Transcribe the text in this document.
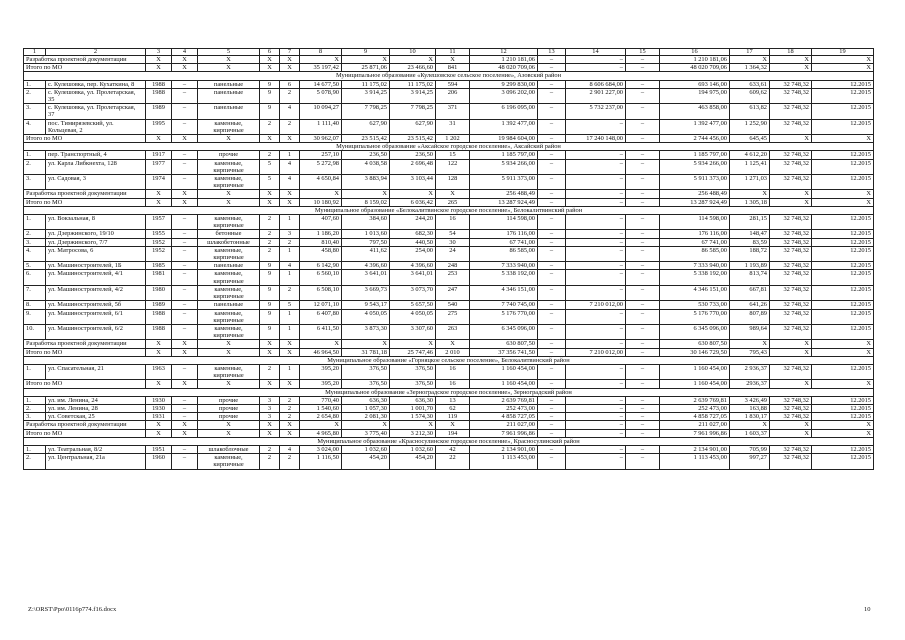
1	2	3	4	5	6	7	8	9	10	11	12	13	14	15	16	17	18	19
Разработка проектной документации		X	X	X	X	X	X	X	X	X	1 210 181,06	–	–	–	1 210 181,06	X	X	X
Итого по МО		X	X	X	X	X	35 197,42	25 871,06	23 466,60	841	48 020 709,06	–	–	–	48 020 709,06	1 364,32	X	X
Муниципальное образование «Кулешовское сельское поселение», Азовский район																		
1.	с. Кулешовка, пер. Кухаткина, 8	1988	–	панельные	9	6	14 677,50	11 175,02	11 175,02	594	9 299 830,00	–	8 606 684,00	–	693 146,00	633,61	32 748,32	12.2015
2.	с. Кулешовка, ул. Пролетарская, 35	1988	–	панельные	9	2	5 078,90	3 914,25	3 914,25	206	3 096 202,00	–	2 901 227,00	–	194 975,00	609,62	32 748,32	12.2015
3.	с. Кулешовка, ул. Пролетарская, 37	1989	–	панельные	9	4	10 094,27	7 798,25	7 798,25	371	6 196 095,00	–	5 732 237,00	–	463 858,00	613,82	32 748,32	12.2015
4.	пос. Тимирязевский, ул. Кольцевая, 2	1995	–	каменные, кирпичные	2	2	1 111,40	627,90	627,90	31	1 392 477,00	–	–	–	1 392 477,00	1 252,90	32 748,32	12.2015
Итого по МО		X	X	X	X	X	30 962,07	23 515,42	23 515,42	1 202	19 984 604,00	–	17 240 148,00	–	2 744 456,00	645,45	X	X
Муниципальное образование «Аксайское городское поселение», Аксайский район																		
1.	пер. Транспортный, 4	1917	–	прочие	2	1	257,10	236,50	236,50	15	1 185 797,00	–	–	–	1 185 797,00	4 612,20	32 748,32	12.2015
2.	ул. Карла Либкнехта, 128	1977	–	каменные, кирпичные	5	4	5 272,98	4 038,58	2 696,48	122	5 934 266,00	–	–	–	5 934 266,00	1 125,41	32 748,32	12.2015
3.	ул. Садовая, 3	1974	–	каменные, кирпичные	5	4	4 650,84	3 883,94	3 103,44	128	5 911 373,00	–	–	–	5 911 373,00	1 271,03	32 748,32	12.2015
Разработка проектной документации		X	X	X	X	X	X	X	X	X	256 488,49	–	–	–	256 488,49	X	X	X
Итого по МО		X	X	X	X	X	10 180,92	8 159,02	6 036,42	265	13 287 924,49	–	–	–	13 287 924,49	1 305,18	X	X
Муниципальное образование «Белокалитвинское городское поселение», Белокалитвинский район																		
1.	ул. Вокзальная, 8	1957	–	каменные, кирпичные	2	1	407,60	384,60	244,20	16	114 598,00	–	–	–	114 598,00	281,15	32 748,32	12.2015
2.	ул. Дзержинского, 19/10	1955	–	бетонные	2	3	1 186,20	1 013,60	682,30	54	176 116,00	–	–	–	176 116,00	148,47	32 748,32	12.2015
3.	ул. Дзержинского, 7/7	1952	–	шлакобетонные	2	2	810,40	797,50	440,50	30	67 741,00	–	–	–	67 741,00	83,59	32 748,32	12.2015
4.	ул. Матросова, 6	1952	–	каменные, кирпичные	2	1	458,80	411,62	254,00	24	86 585,00	–	–	–	86 585,00	188,72	32 748,32	12.2015
5.	ул. Машиностроителей, 1Б	1985	–	панельные	9	4	6 142,90	4 396,60	4 396,60	248	7 333 940,00	–	–	–	7 333 940,00	1 193,89	32 748,32	12.2015
6.	ул. Машиностроителей, 4/1	1981	–	каменные, кирпичные	9	1	6 560,10	3 641,01	3 641,01	253	5 338 192,00	–	–	–	5 338 192,00	813,74	32 748,32	12.2015
7.	ул. Машиностроителей, 4/2	1980	–	каменные, кирпичные	9	2	6 508,10	3 669,73	3 073,70	247	4 346 151,00	–	–	–	4 346 151,00	667,81	32 748,32	12.2015
8.	ул. Машиностроителей, 5б	1989	–	панельные	9	5	12 071,10	9 543,17	5 657,50	540	7 740 745,00	–	7 210 012,00	–	530 733,00	641,26	32 748,32	12.2015
9.	ул. Машиностроителей, 6/1	1988	–	каменные, кирпичные	9	1	6 407,80	4 050,05	4 050,05	275	5 176 770,00	–	–	–	5 176 770,00	807,89	32 748,32	12.2015
10.	ул. Машиностроителей, 6/2	1988	–	каменные, кирпичные	9	1	6 411,50	3 873,30	3 307,60	263	6 345 096,00	–	–	–	6 345 096,00	989,64	32 748,32	12.2015
Разработка проектной документации		X	X	X	X	X	X	X	X	X	630 807,50	–	–	–	630 807,50	X	X	X
Итого по МО		X	X	X	X	X	46 964,50	31 781,18	25 747,46	2 010	37 356 741,50	–	7 210 012,00	–	30 146 729,50	795,43	X	X
Муниципальное образование «Горняцкое сельское поселение», Белокалитвинский район																		
1.	ул. Спасательная, 21	1963	–	каменные, кирпичные	2	1	395,20	376,50	376,50	16	1 160 454,00	–	–	–	1 160 454,00	2 936,37	32 748,32	12.2015
Итого по МО		X	X	X	X	X	395,20	376,50	376,50	16	1 160 454,00	–	–	–	1 160 454,00	2936,37	X	X
Муниципальное образование «Зерноградское городское поселение», Зерноградский район																		
1.	ул. им. Ленина, 24	1930	–	прочие	3	2	770,40	636,30	636,30	13	2 639 769,81	–	–	–	2 639 769,81	3 426,49	32 748,32	12.2015
2.	ул. им. Ленина, 28	1930	–	прочие	3	2	1 540,60	1 057,30	1 001,70	62	252 473,00	–	–	–	252 473,00	163,88	32 748,32	12.2015
3.	ул. Советская, 25	1931	–	прочие	3	2	2 654,80	2 081,30	1 574,30	119	4 858 727,05	–	–	–	4 858 727,05	1 830,17	32 748,32	12.2015
Разработка проектной документации		X	X	X	X	X	X	X	X	X	211 027,00	–	–	–	211 027,00	X	X	X
Итого по МО		X	X	X	X	X	4 965,80	3 775,40	3 212,30	194	7 961 996,86	–	–	–	7 961 996,86	1 603,37	X	X
Муниципальное образование «Красносулинское городское поселение», Красносулинский район																		
1.	ул. Театральная, 8/2	1951	–	шлакоблочные	2	4	3 024,00	1 032,60	1 032,60	42	2 134 901,00	–	–	–	2 134 901,00	705,99	32 748,32	12.2015
2.	ул. Центральная, 21а	1960	–	каменные, кирпичные	2	2	1 116,50	454,20	454,20	22	1 113 453,00	–	–	–	1 113 453,00	997,27	32 748,32	12.2015
Z:\ORST\Ppo\0116p774.f16.docx	10
